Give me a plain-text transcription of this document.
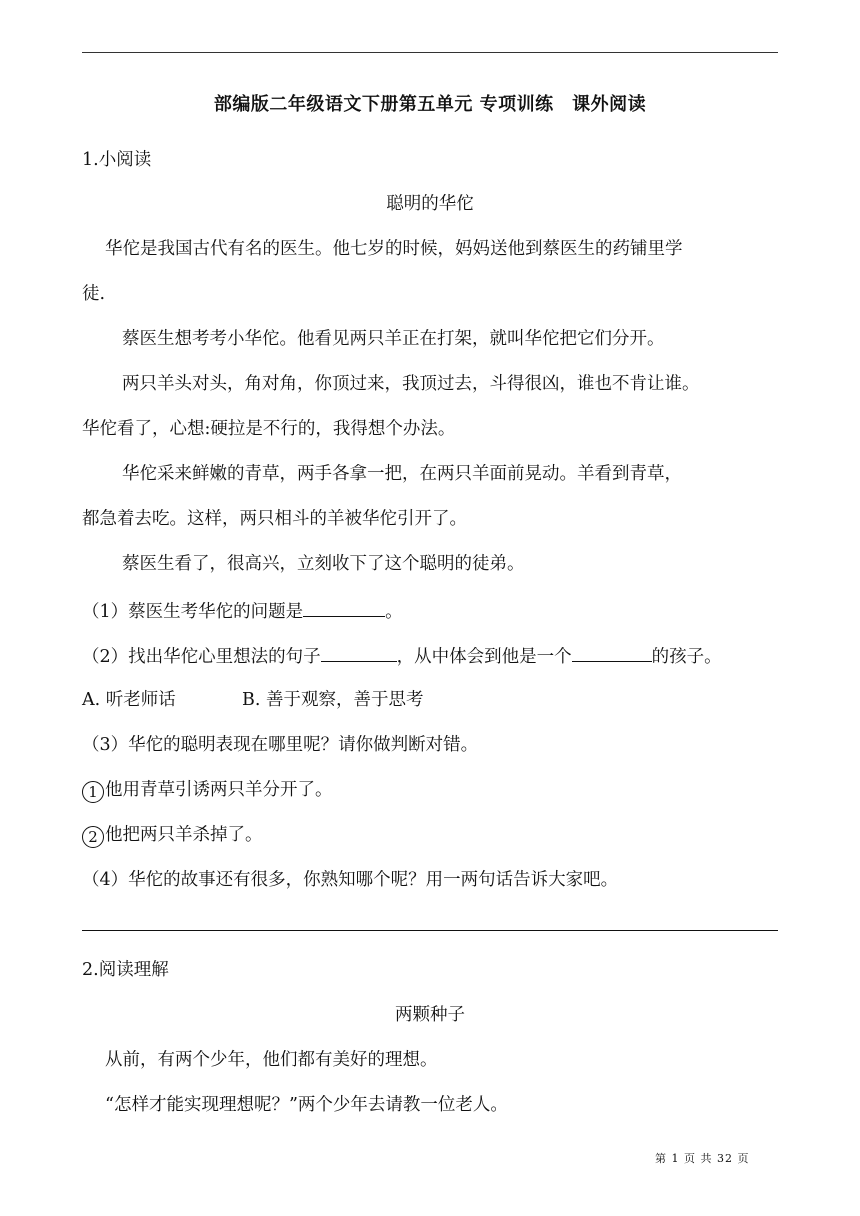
部编版二年级语文下册第五单元 专项训练　课外阅读
1.小阅读
聪明的华佗
华佗是我国古代有名的医生。他七岁的时候，妈妈送他到蔡医生的药铺里学
徒.
蔡医生想考考小华佗。他看见两只羊正在打架，就叫华佗把它们分开。
两只羊头对头，角对角，你顶过来，我顶过去，斗得很凶，谁也不肯让谁。
华佗看了，心想:硬拉是不行的，我得想个办法。
华佗采来鲜嫩的青草，两手各拿一把，在两只羊面前晃动。羊看到青草，
都急着去吃。这样，两只相斗的羊被华佗引开了。
蔡医生看了，很高兴，立刻收下了这个聪明的徒弟。
（1）蔡医生考华佗的问题是	。
（2）找出华佗心里想法的句子	，从中体会到他是一个	的孩子。
A. 听老师话	B. 善于观察，善于思考
（3）华佗的聪明表现在哪里呢？请你做判断对错。
1 他用青草引诱两只羊分开了。
2 他把两只羊杀掉了。
（4）华佗的故事还有很多，你熟知哪个呢？用一两句话告诉大家吧。
2.阅读理解
两颗种子
从前，有两个少年，他们都有美好的理想。
“怎样才能实现理想呢？”两个少年去请教一位老人。
第 1 页 共 32 页
